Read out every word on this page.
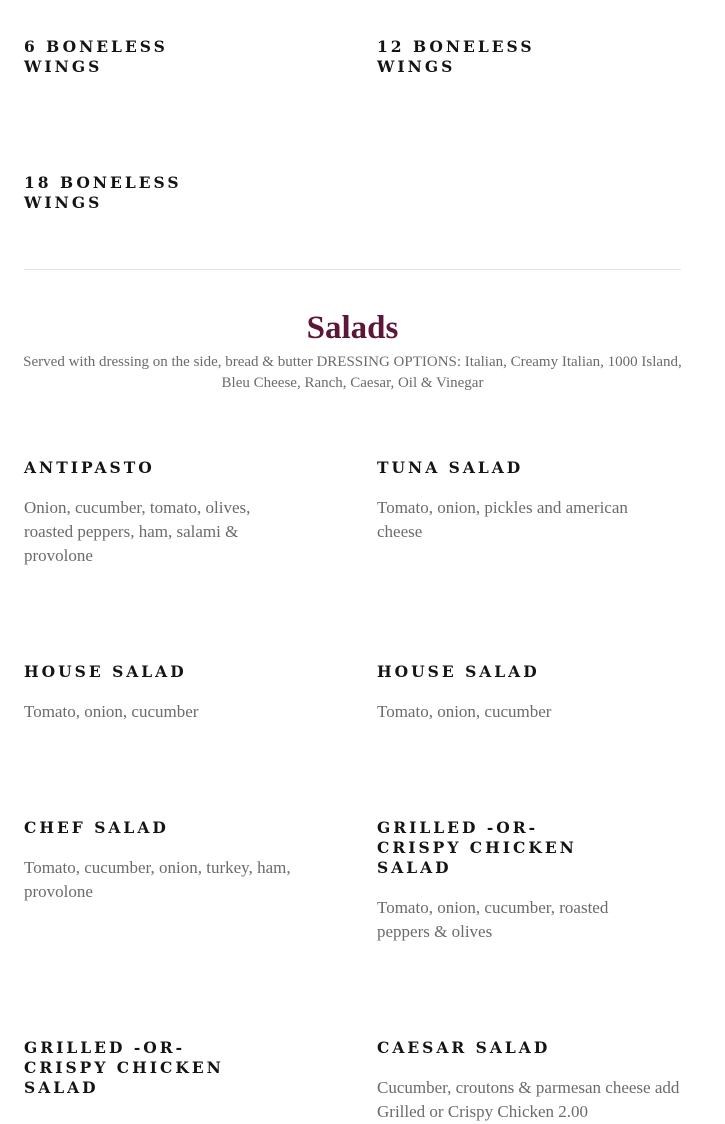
6 BONELESS
WINGS

12 BONELESS
WINGS

18 BONELESS
WINGS

Salads

Served with dressing on the side, bread & butter DRESSING OPTIONS: Italian, Creamy Italian, 1000 Island, Bleu Cheese, Ranch, Caesar, Oil & Vinegar

ANTIPASTO

Onion, cucumber, tomato, olives, roasted peppers, ham, salami & provolone

TUNA SALAD

Tomato, onion, pickles and american cheese

HOUSE SALAD

Tomato, onion, cucumber

HOUSE SALAD

Tomato, onion, cucumber

CHEF SALAD

Tomato, cucumber, onion, turkey, ham, provolone

GRILLED -OR-
CRISPY CHICKEN
SALAD

Tomato, onion, cucumber, roasted peppers & olives

GRILLED -OR-
CRISPY CHICKEN
SALAD

CAESAR SALAD

Cucumber, croutons & parmesan cheese add Grilled or Crispy Chicken 2.00
